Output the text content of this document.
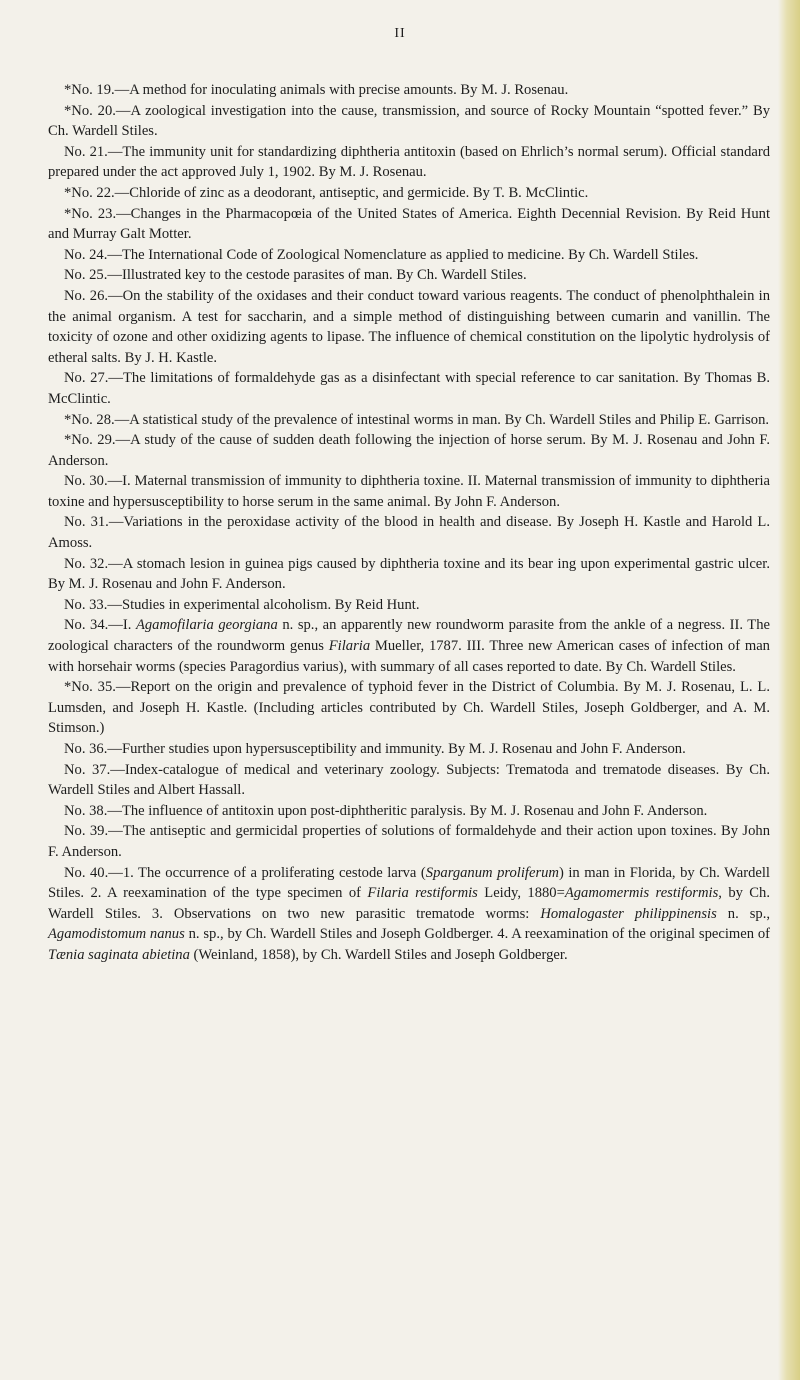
II

*No. 19.—A method for inoculating animals with precise amounts. By M. J. Rosenau.

*No. 20.—A zoological investigation into the cause, transmission, and source of Rocky Mountain “spotted fever.” By Ch. Wardell Stiles.

No. 21.—The immunity unit for standardizing diphtheria antitoxin (based on Ehrlich’s normal serum). Official standard prepared under the act approved July 1, 1902. By M. J. Rosenau.

*No. 22.—Chloride of zinc as a deodorant, antiseptic, and germicide. By T. B. McClintic.

*No. 23.—Changes in the Pharmacopœia of the United States of America. Eighth Decennial Revision. By Reid Hunt and Murray Galt Motter.

No. 24.—The International Code of Zoological Nomenclature as applied to medicine. By Ch. Wardell Stiles.

No. 25.—Illustrated key to the cestode parasites of man. By Ch. Wardell Stiles.

No. 26.—On the stability of the oxidases and their conduct toward various reagents. The conduct of phenolphthalein in the animal organism. A test for saccharin, and a simple method of distinguishing between cumarin and vanillin. The toxicity of ozone and other oxidizing agents to lipase. The influence of chemical constitution on the lipolytic hydrolysis of etheral salts. By J. H. Kastle.

No. 27.—The limitations of formaldehyde gas as a disinfectant with special reference to car sanitation. By Thomas B. McClintic.

*No. 28.—A statistical study of the prevalence of intestinal worms in man. By Ch. Wardell Stiles and Philip E. Garrison.

*No. 29.—A study of the cause of sudden death following the injection of horse serum. By M. J. Rosenau and John F. Anderson.

No. 30.—I. Maternal transmission of immunity to diphtheria toxine. II. Maternal transmission of immunity to diphtheria toxine and hypersusceptibility to horse serum in the same animal. By John F. Anderson.

No. 31.—Variations in the peroxidase activity of the blood in health and disease. By Joseph H. Kastle and Harold L. Amoss.

No. 32.—A stomach lesion in guinea pigs caused by diphtheria toxine and its bear ing upon experimental gastric ulcer. By M. J. Rosenau and John F. Anderson.

No. 33.—Studies in experimental alcoholism. By Reid Hunt.

No. 34.—I. Agamofilaria georgiana n. sp., an apparently new roundworm parasite from the ankle of a negress. II. The zoological characters of the roundworm genus Filaria Mueller, 1787. III. Three new American cases of infection of man with horsehair worms (species Paragordius varius), with summary of all cases reported to date. By Ch. Wardell Stiles.

*No. 35.—Report on the origin and prevalence of typhoid fever in the District of Columbia. By M. J. Rosenau, L. L. Lumsden, and Joseph H. Kastle. (Including articles contributed by Ch. Wardell Stiles, Joseph Goldberger, and A. M. Stimson.)

No. 36.—Further studies upon hypersusceptibility and immunity. By M. J. Rosenau and John F. Anderson.

No. 37.—Index-catalogue of medical and veterinary zoology. Subjects: Trematoda and trematode diseases. By Ch. Wardell Stiles and Albert Hassall.

No. 38.—The influence of antitoxin upon post-diphtheritic paralysis. By M. J. Rosenau and John F. Anderson.

No. 39.—The antiseptic and germicidal properties of solutions of formaldehyde and their action upon toxines. By John F. Anderson.

No. 40.—1. The occurrence of a proliferating cestode larva (Sparganum proliferum) in man in Florida, by Ch. Wardell Stiles. 2. A reexamination of the type specimen of Filaria restiformis Leidy, 1880=Agamomermis restiformis, by Ch. Wardell Stiles. 3. Observations on two new parasitic trematode worms: Homalogaster philippinensis n. sp., Agamodistomum nanus n. sp., by Ch. Wardell Stiles and Joseph Goldberger. 4. A reexamination of the original specimen of Tænia saginata abietina (Weinland, 1858), by Ch. Wardell Stiles and Joseph Goldberger.
